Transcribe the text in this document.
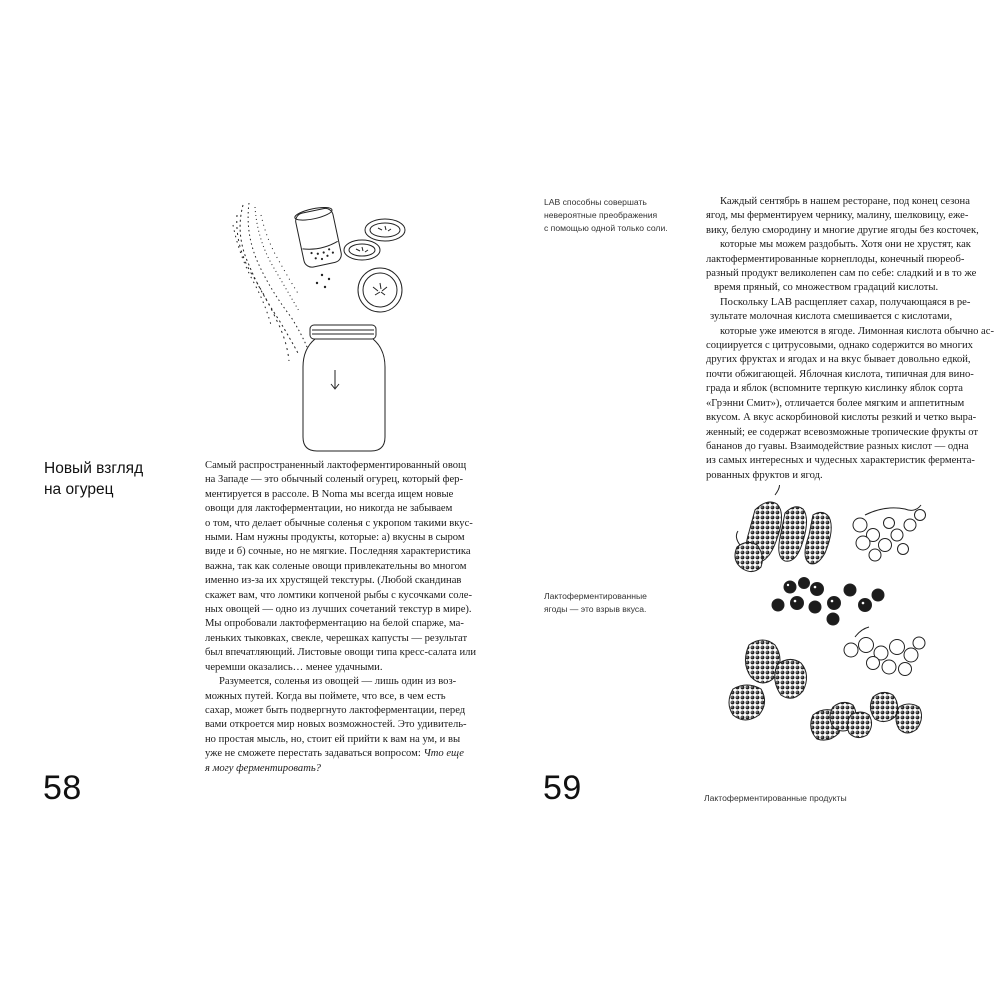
Новый взгляд
на огурец

Самый распространенный лактоферментированный овощ
на Западе — это обычный соленый огурец, который фер-
ментируется в рассоле. В Noma мы всегда ищем новые
овощи для лактоферментации, но никогда не забываем
о том, что делает обычные соленья с укропом такими вкус-
ными. Нам нужны продукты, которые: а) вкусны в сыром
виде и б) сочные, но не мягкие. Последняя характеристика
важна, так как соленые овощи привлекательны во многом
именно из-за их хрустящей текстуры. (Любой скандинав
скажет вам, что ломтики копченой рыбы с кусочками соле-
ных овощей — одно из лучших сочетаний текстур в мире).
Мы опробовали лактоферментацию на белой спарже, ма-
леньких тыковках, свекле, черешках капусты — результат
был впечатляющий. Листовые овощи типа кресс-салата или
черемши оказались… менее удачными.

Разумеется, соленья из овощей — лишь один из воз-
можных путей. Когда вы поймете, что все, в чем есть
сахар, может быть подвергнуто лактоферментации, перед
вами откроется мир новых возможностей. Это удивитель-
но простая мысль, но, стоит ей прийти к вам на ум, и вы
уже не сможете перестать задаваться вопросом: Что еще
я могу ферментировать?

58
LAB способны совершать
невероятные преображения
с помощью одной только соли.
Лактоферментированные
ягоды — это взрыв вкуса.
59	Лактоферментированные продукты

Каждый сентябрь в нашем ресторане, под конец сезона
ягод, мы ферментируем чернику, малину, шелковицу, еже-
вику, белую смородину и многие другие ягоды без косточек,
которые мы можем раздобыть. Хотя они не хрустят, как
лактоферментированные корнеплоды, конечный пюреоб-
разный продукт великолепен сам по себе: сладкий и в то же
время пряный, со множеством градаций кислоты.

Поскольку LAB расщепляет сахар, получающаяся в ре-
зультате молочная кислота смешивается с кислотами,
которые уже имеются в ягоде. Лимонная кислота обычно ас-
социируется с цитрусовыми, однако содержится во многих
других фруктах и ягодах и на вкус бывает довольно едкой,
почти обжигающей. Яблочная кислота, типичная для вино-
града и яблок (вспомните терпкую кислинку яблок сорта
«Грэнни Смит»), отличается более мягким и аппетитным
вкусом. А вкус аскорбиновой кислоты резкий и четко выра-
женный; ее содержат всевозможные тропические фрукты от
бананов до гуавы. Взаимодействие разных кислот — одна
из самых интересных и чудесных характеристик фермента-
рованных фруктов и ягод.
